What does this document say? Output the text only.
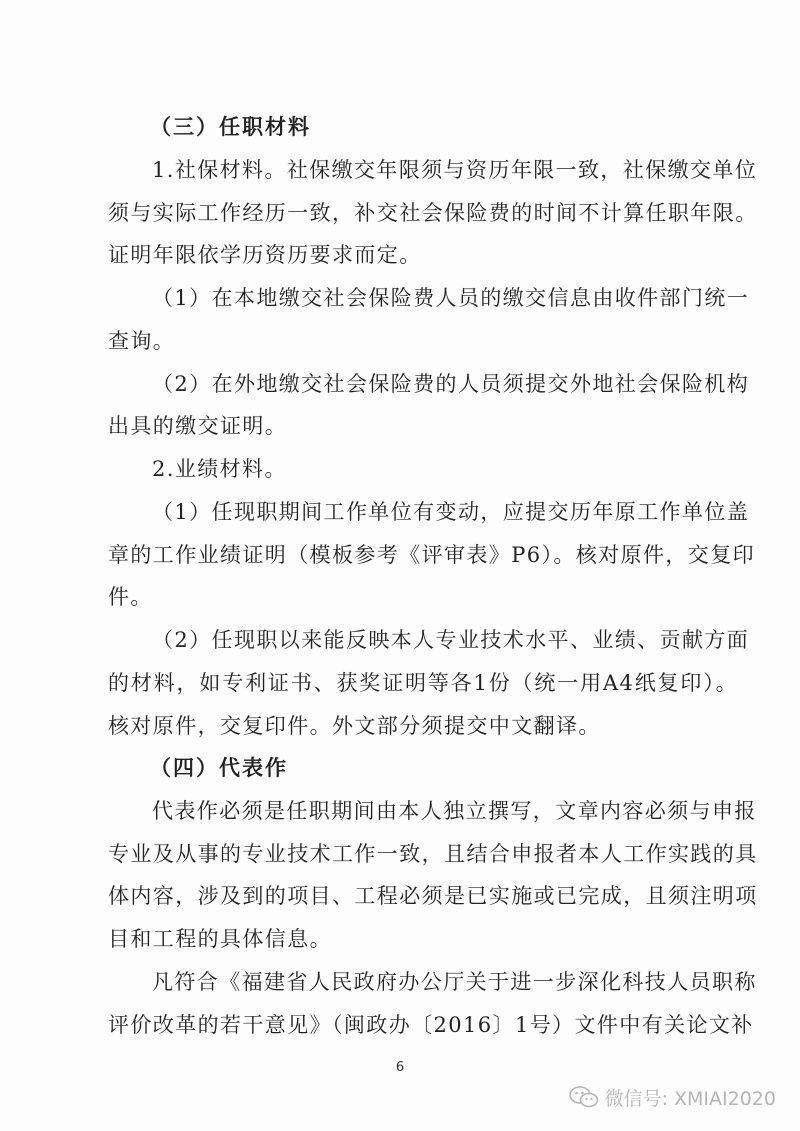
（三）任职材料
1.社保材料。社保缴交年限须与资历年限一致，社保缴交单位
须与实际工作经历一致，补交社会保险费的时间不计算任职年限。
证明年限依学历资历要求而定。
（1）在本地缴交社会保险费人员的缴交信息由收件部门统一
查询。
（2）在外地缴交社会保险费的人员须提交外地社会保险机构
出具的缴交证明。
2.业绩材料。
（1）任现职期间工作单位有变动，应提交历年原工作单位盖
章的工作业绩证明（模板参考《评审表》P6）。核对原件，交复印
件。
（2）任现职以来能反映本人专业技术水平、业绩、贡献方面
的材料，如专利证书、获奖证明等各1份（统一用A4纸复印）。
核对原件，交复印件。外文部分须提交中文翻译。
（四）代表作
代表作必须是任职期间由本人独立撰写，文章内容必须与申报
专业及从事的专业技术工作一致，且结合申报者本人工作实践的具
体内容，涉及到的项目、工程必须是已实施或已完成，且须注明项
目和工程的具体信息。
凡符合《福建省人民政府办公厅关于进一步深化科技人员职称
评价改革的若干意见》（闽政办〔2016〕1号）文件中有关论文补
6
微信号: XMIAI2020
